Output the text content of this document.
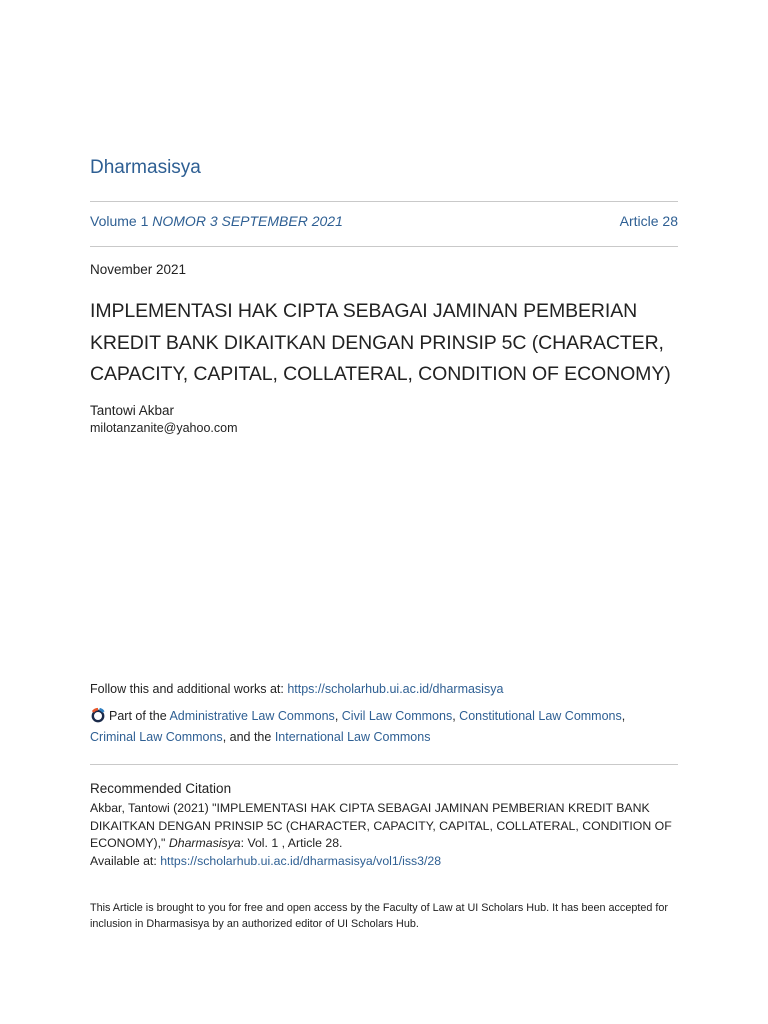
Dharmasisya
Volume 1 NOMOR 3 SEPTEMBER 2021	Article 28
November 2021
IMPLEMENTASI HAK CIPTA SEBAGAI JAMINAN PEMBERIAN KREDIT BANK DIKAITKAN DENGAN PRINSIP 5C (CHARACTER, CAPACITY, CAPITAL, COLLATERAL, CONDITION OF ECONOMY)
Tantowi Akbar
milotanzanite@yahoo.com
Follow this and additional works at: https://scholarhub.ui.ac.id/dharmasisya
Part of the Administrative Law Commons, Civil Law Commons, Constitutional Law Commons,
Criminal Law Commons, and the International Law Commons
Recommended Citation
Akbar, Tantowi (2021) "IMPLEMENTASI HAK CIPTA SEBAGAI JAMINAN PEMBERIAN KREDIT BANK DIKAITKAN DENGAN PRINSIP 5C (CHARACTER, CAPACITY, CAPITAL, COLLATERAL, CONDITION OF ECONOMY)," Dharmasisya: Vol. 1 , Article 28.
Available at: https://scholarhub.ui.ac.id/dharmasisya/vol1/iss3/28
This Article is brought to you for free and open access by the Faculty of Law at UI Scholars Hub. It has been accepted for inclusion in Dharmasisya by an authorized editor of UI Scholars Hub.
